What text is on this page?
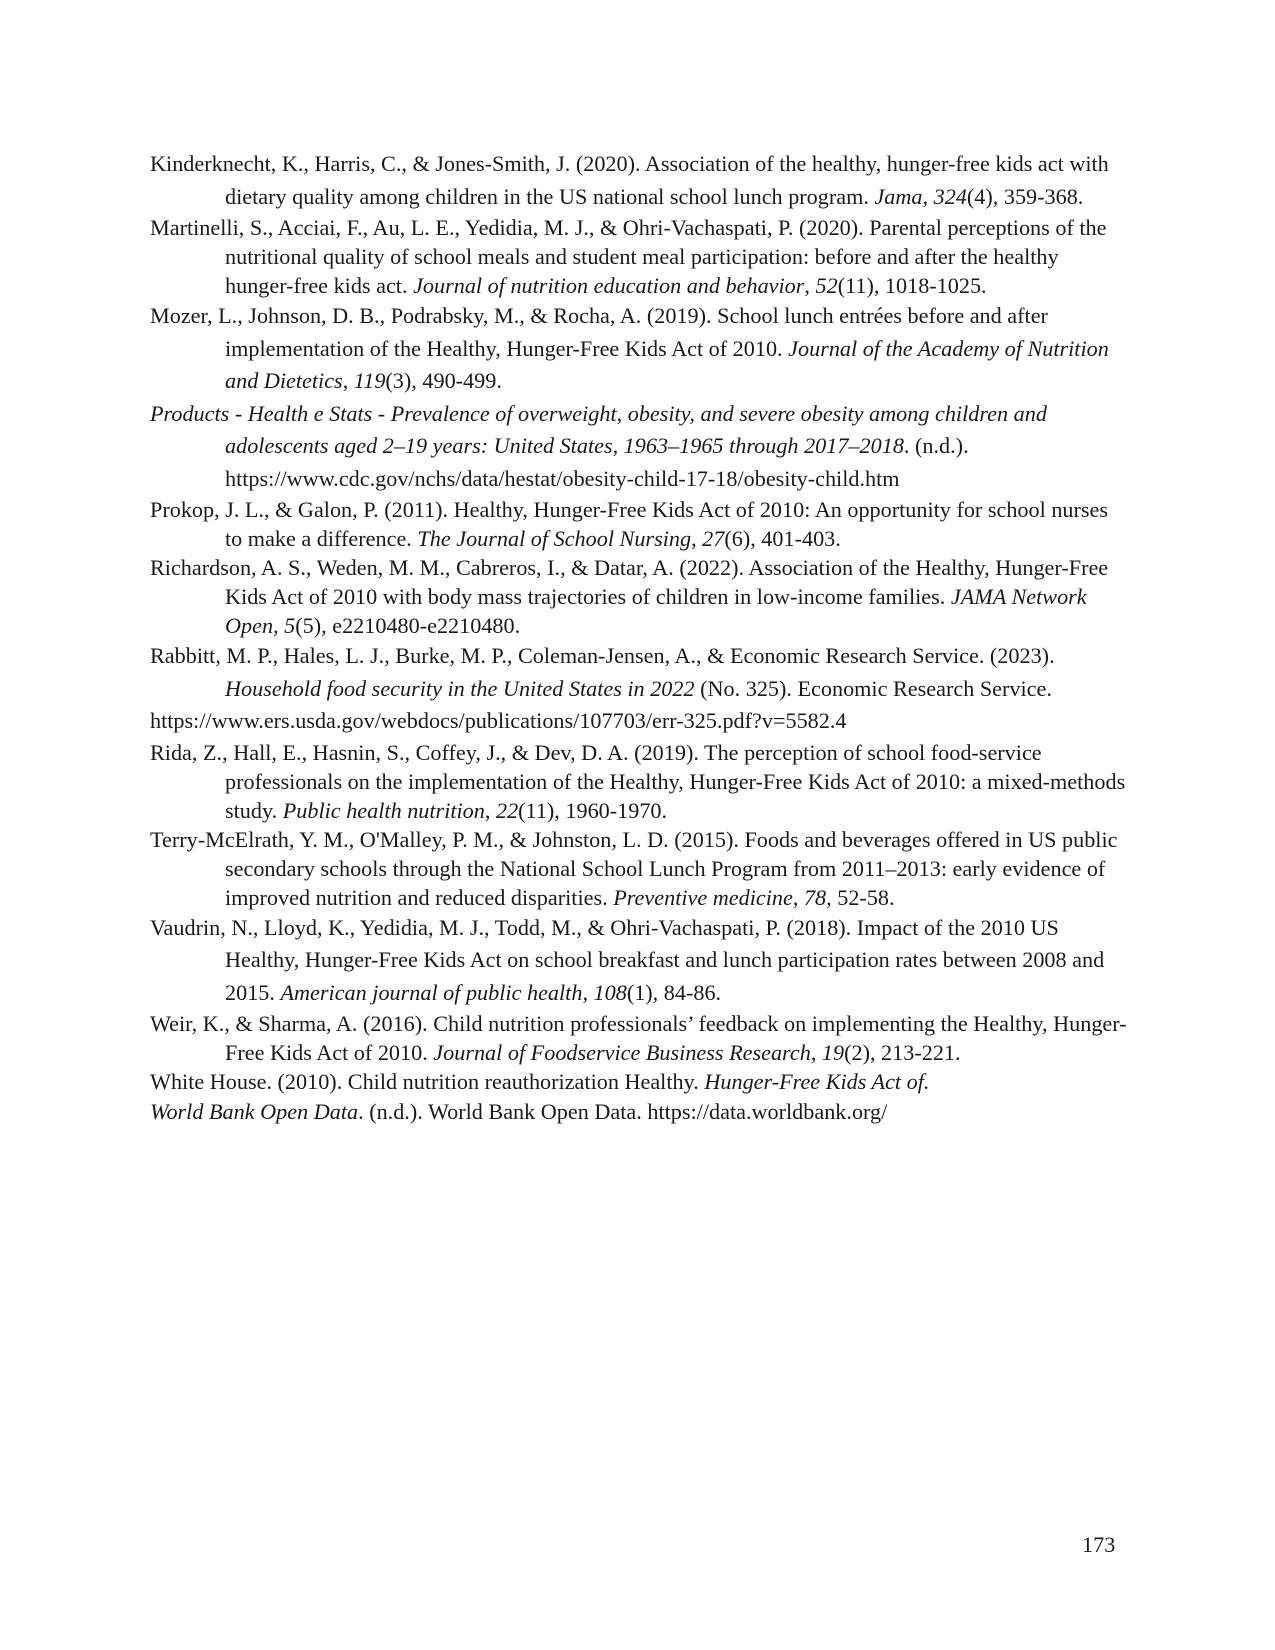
Kinderknecht, K., Harris, C., & Jones-Smith, J. (2020). Association of the healthy, hunger-free kids act with dietary quality among children in the US national school lunch program. Jama, 324(4), 359-368.

Martinelli, S., Acciai, F., Au, L. E., Yedidia, M. J., & Ohri-Vachaspati, P. (2020). Parental perceptions of the nutritional quality of school meals and student meal participation: before and after the healthy hunger-free kids act. Journal of nutrition education and behavior, 52(11), 1018-1025.

Mozer, L., Johnson, D. B., Podrabsky, M., & Rocha, A. (2019). School lunch entrées before and after implementation of the Healthy, Hunger-Free Kids Act of 2010. Journal of the Academy of Nutrition and Dietetics, 119(3), 490-499.

Products - Health e Stats - Prevalence of overweight, obesity, and severe obesity among children and adolescents aged 2–19 years: United States, 1963–1965 through 2017–2018. (n.d.). https://www.cdc.gov/nchs/data/hestat/obesity-child-17-18/obesity-child.htm

Prokop, J. L., & Galon, P. (2011). Healthy, Hunger-Free Kids Act of 2010: An opportunity for school nurses to make a difference. The Journal of School Nursing, 27(6), 401-403.

Richardson, A. S., Weden, M. M., Cabreros, I., & Datar, A. (2022). Association of the Healthy, Hunger-Free Kids Act of 2010 with body mass trajectories of children in low-income families. JAMA Network Open, 5(5), e2210480-e2210480.

Rabbitt, M. P., Hales, L. J., Burke, M. P., Coleman-Jensen, A., & Economic Research Service. (2023). Household food security in the United States in 2022 (No. 325). Economic Research Service.
https://www.ers.usda.gov/webdocs/publications/107703/err-325.pdf?v=5582.4

Rida, Z., Hall, E., Hasnin, S., Coffey, J., & Dev, D. A. (2019). The perception of school food-service professionals on the implementation of the Healthy, Hunger-Free Kids Act of 2010: a mixed-methods study. Public health nutrition, 22(11), 1960-1970.

Terry-McElrath, Y. M., O'Malley, P. M., & Johnston, L. D. (2015). Foods and beverages offered in US public secondary schools through the National School Lunch Program from 2011–2013: early evidence of improved nutrition and reduced disparities. Preventive medicine, 78, 52-58.

Vaudrin, N., Lloyd, K., Yedidia, M. J., Todd, M., & Ohri-Vachaspati, P. (2018). Impact of the 2010 US Healthy, Hunger-Free Kids Act on school breakfast and lunch participation rates between 2008 and 2015. American journal of public health, 108(1), 84-86.

Weir, K., & Sharma, A. (2016). Child nutrition professionals’ feedback on implementing the Healthy, Hunger-Free Kids Act of 2010. Journal of Foodservice Business Research, 19(2), 213-221.

White House. (2010). Child nutrition reauthorization Healthy. Hunger-Free Kids Act of.

World Bank Open Data. (n.d.). World Bank Open Data. https://data.worldbank.org/

173
